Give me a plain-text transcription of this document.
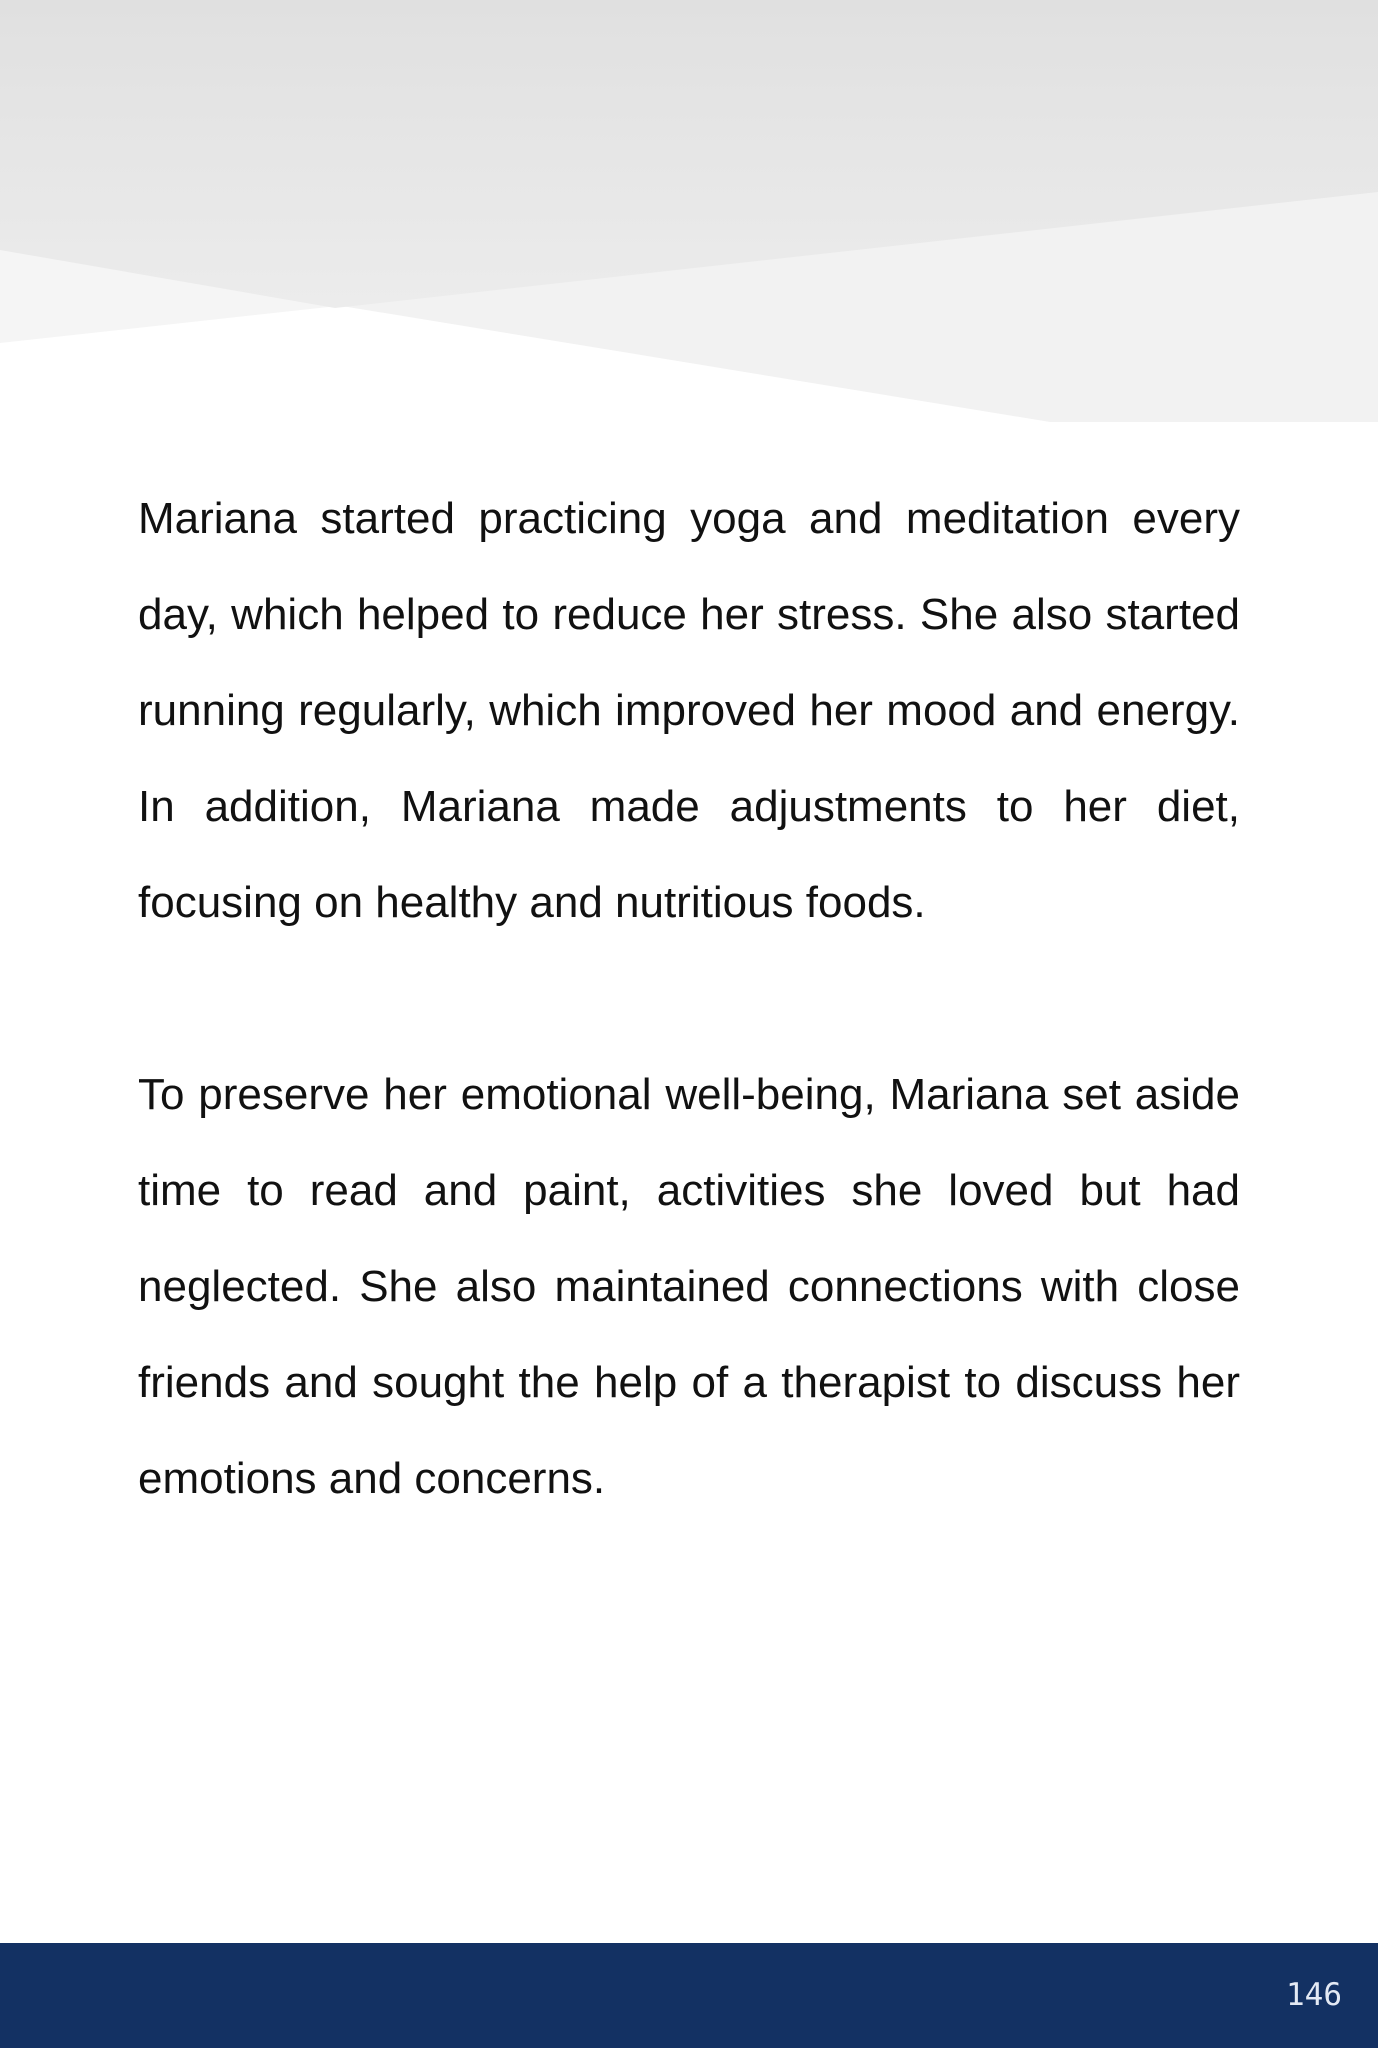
Mariana started practicing yoga and meditation every day, which helped to reduce her stress. She also started running regularly, which improved her mood and energy. In addition, Mariana made adjustments to her diet, focusing on healthy and nutritious foods.

To preserve her emotional well-being, Mariana set aside time to read and paint, activities she loved but had neglected. She also maintained connections with close friends and sought the help of a therapist to discuss her emotions and concerns.

146
